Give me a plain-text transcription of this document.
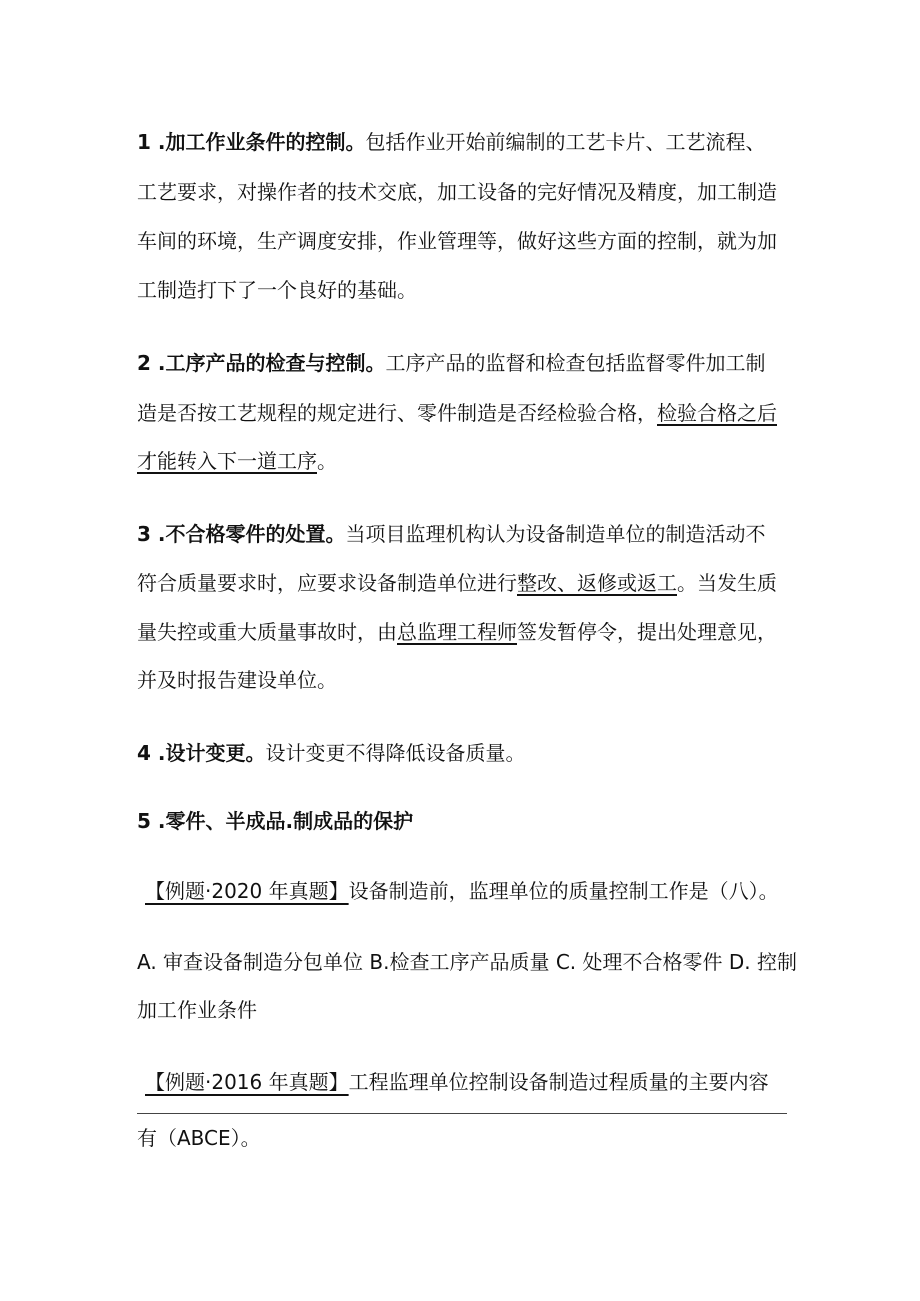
1 .加工作业条件的控制。包括作业开始前编制的工艺卡片、工艺流程、
工艺要求，对操作者的技术交底，加工设备的完好情况及精度，加工制造
车间的环境，生产调度安排，作业管理等，做好这些方面的控制，就为加
工制造打下了一个良好的基础。
2 .工序产品的检查与控制。工序产品的监督和检查包括监督零件加工制
造是否按工艺规程的规定进行、零件制造是否经检验合格，检验合格之后
才能转入下一道工序。
3 .不合格零件的处置。当项目监理机构认为设备制造单位的制造活动不
符合质量要求时，应要求设备制造单位进行整改、返修或返工。当发生质
量失控或重大质量事故时，由总监理工程师签发暂停令，提出处理意见，
并及时报告建设单位。
4 .设计变更。设计变更不得降低设备质量。
5 .零件、半成品.制成品的保护
【例题·2020 年真题】设备制造前，监理单位的质量控制工作是（八）。
A. 审查设备制造分包单位 B.检查工序产品质量 C. 处理不合格零件 D. 控制
加工作业条件
【例题·2016 年真题】工程监理单位控制设备制造过程质量的主要内容
有（ABCE）。
